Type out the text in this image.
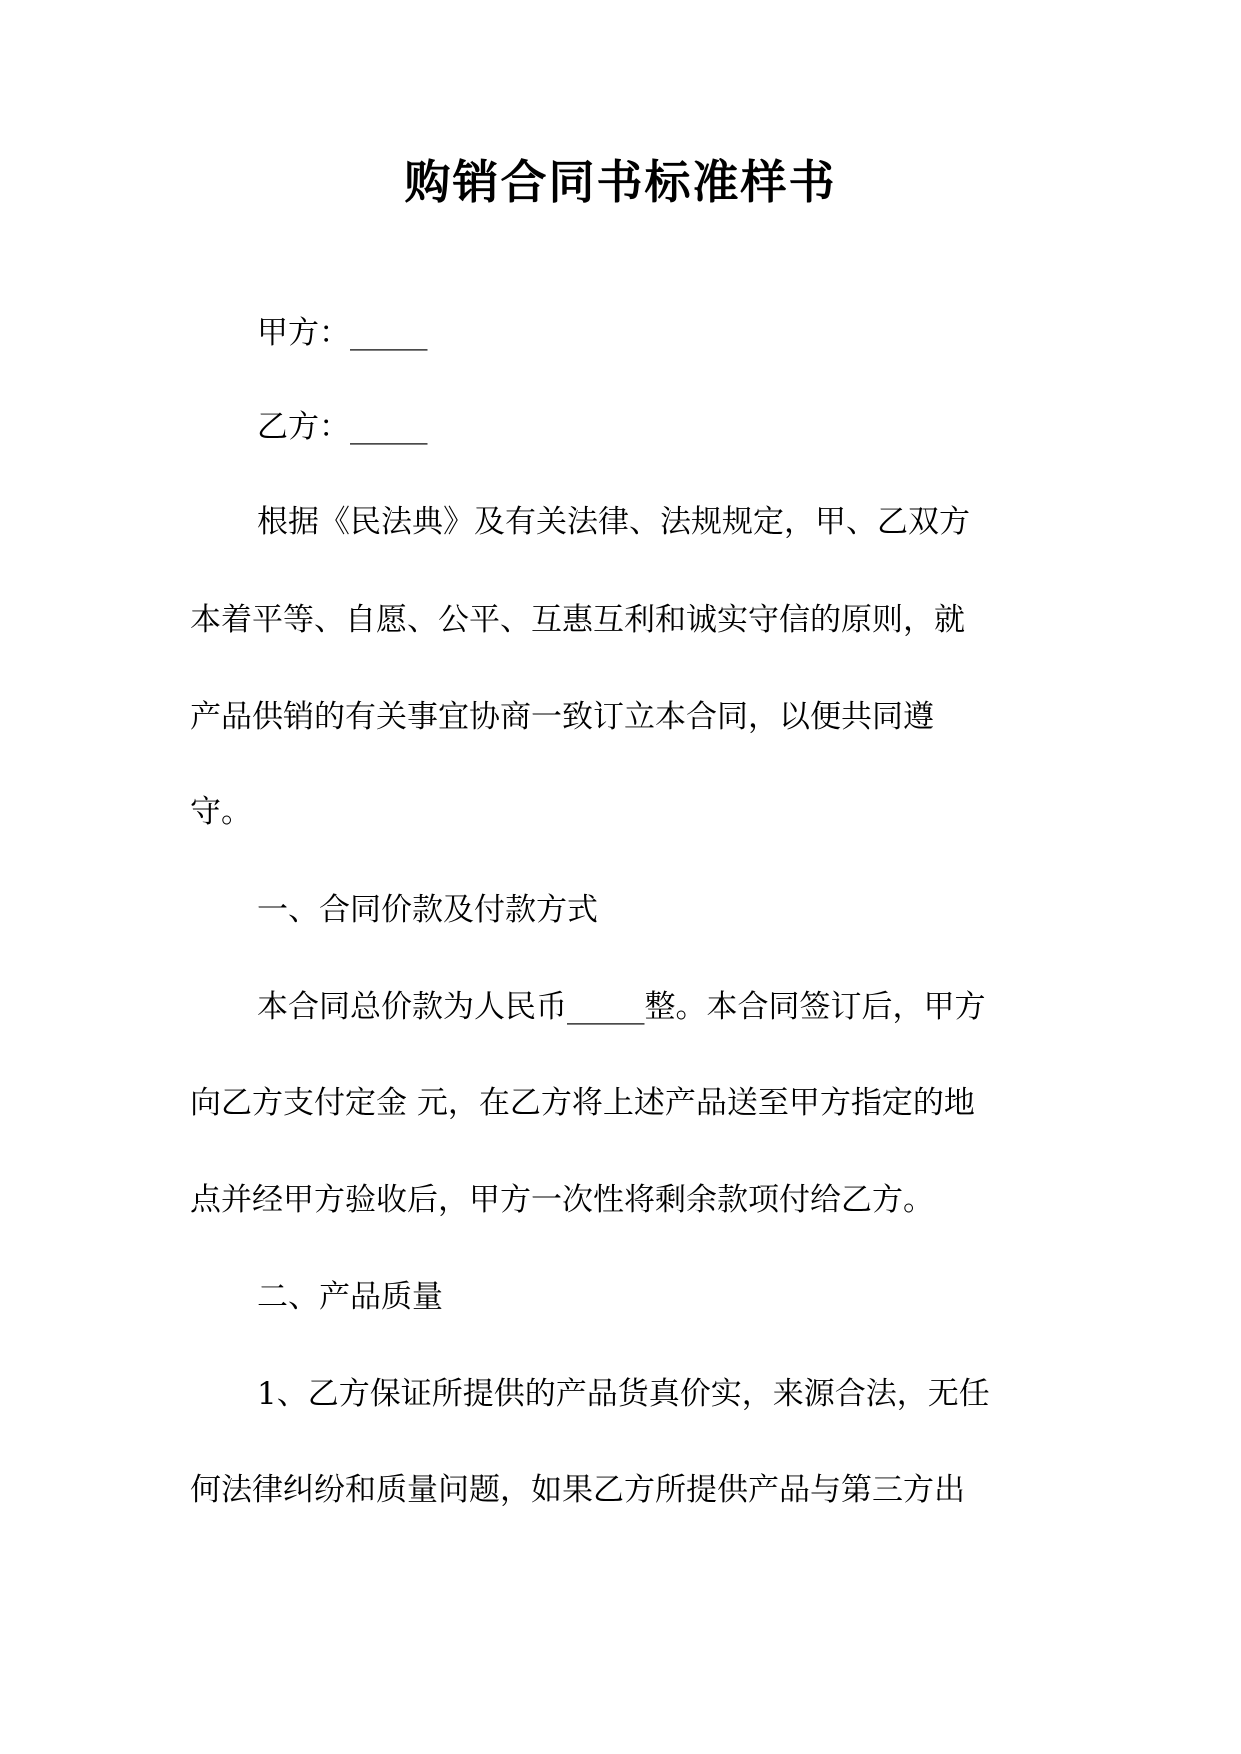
购销合同书标准样书
甲方：_____
乙方：_____
根据《民法典》及有关法律、法规规定，甲、乙双方
本着平等、自愿、公平、互惠互利和诚实守信的原则，就
产品供销的有关事宜协商一致订立本合同，以便共同遵
守。
一、合同价款及付款方式
本合同总价款为人民币_____整。本合同签订后，甲方
向乙方支付定金 元，在乙方将上述产品送至甲方指定的地
点并经甲方验收后，甲方一次性将剩余款项付给乙方。
二、产品质量
1、乙方保证所提供的产品货真价实，来源合法，无任
何法律纠纷和质量问题，如果乙方所提供产品与第三方出
